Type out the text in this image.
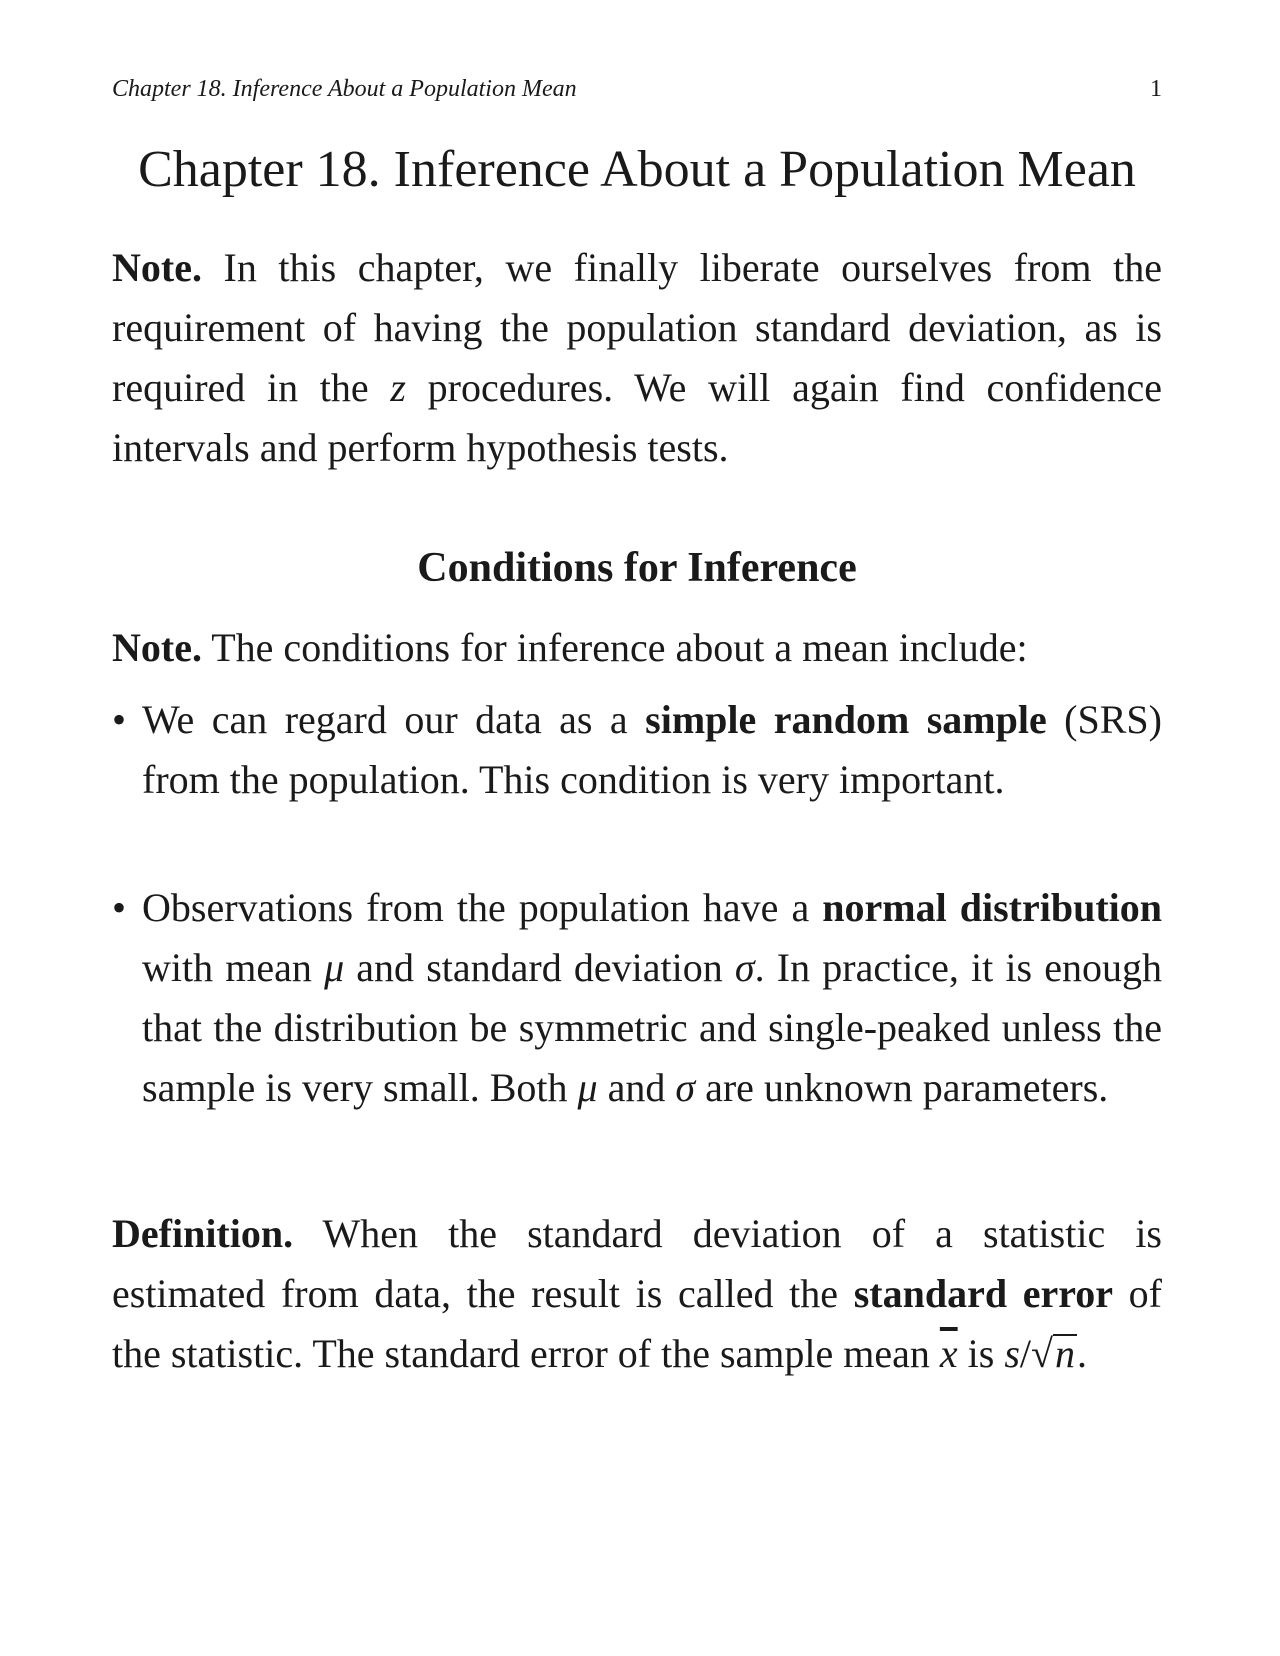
Chapter 18. Inference About a Population Mean	1
Chapter 18. Inference About a Population Mean

Note. In this chapter, we finally liberate ourselves from the requirement of having the population standard deviation, as is required in the z procedures. We will again find confidence intervals and perform hypothesis tests.

Conditions for Inference

Note. The conditions for inference about a mean include:

• We can regard our data as a simple random sample (SRS) from the population. This condition is very important.
• Observations from the population have a normal distribution with mean μ and standard deviation σ. In practice, it is enough that the distribution be symmetric and single-peaked unless the sample is very small. Both μ and σ are unknown parameters.

Definition. When the standard deviation of a statistic is estimated from data, the result is called the standard error of the statistic. The standard error of the sample mean $\overline{x}$ is s/√n.
